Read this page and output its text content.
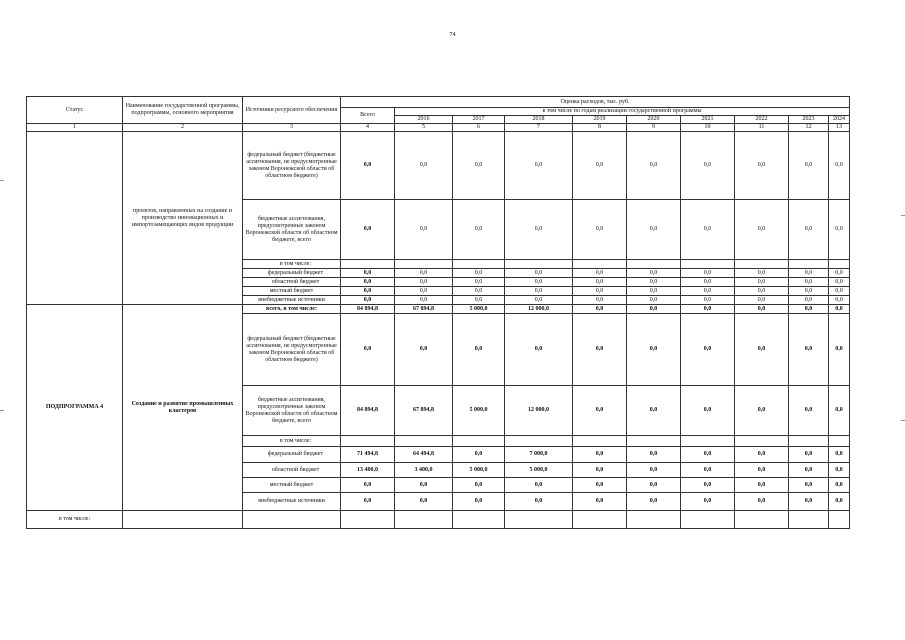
74
Статус	Наименование государственной программы, подпрограммы, основного мероприятия	Источники ресурсного обеспечения	Оценка расходов, тыс. руб.									
			Всего	в том числе по годам реализации государственной программы								
				2016	2017	2018	2019	2020	2021	2022	2023	2024
1	2	3	4	5	6	7	8	9	10	11	12	13
	проектов, направленных на создание и производство инновационных и импортозамещающих видов продукции	федеральный бюджет (бюджетные ассигнования, не предусмотренные законом Воронежской области об областном бюджете)	0,0	0,0	0,0	0,0	0,0	0,0	0,0	0,0	0,0	0,0
		бюджетные ассигнования, предусмотренные законом Воронежской области об областном бюджете, всего	0,0	0,0	0,0	0,0	0,0	0,0	0,0	0,0	0,0	0,0
		в том числе:										
		федеральный бюджет	0,0	0,0	0,0	0,0	0,0	0,0	0,0	0,0	0,0	0,0
		областной бюджет	0,0	0,0	0,0	0,0	0,0	0,0	0,0	0,0	0,0	0,0
		местный бюджет	0,0	0,0	0,0	0,0	0,0	0,0	0,0	0,0	0,0	0,0
		внебюджетные источники	0,0	0,0	0,0	0,0	0,0	0,0	0,0	0,0	0,0	0,0
ПОДПРОГРАММА 4	Создание и развитие промышленных кластеров	всего, в том числе:	84 894,8	67 894,8	5 000,0	12 000,0	0,0	0,0	0,0	0,0	0,0	0,0
		федеральный бюджет (бюджетные ассигнования, не предусмотренные законом Воронежской области об областном бюджете)	0,0	0,0	0,0	0,0	0,0	0,0	0,0	0,0	0,0	0,0
		бюджетные ассигнования, предусмотренные законом Воронежской области об областном бюджете, всего	84 894,8	67 894,8	5 000,0	12 000,0	0,0	0,0	0,0	0,0	0,0	0,0
		в том числе:										
		федеральный бюджет	71 494,8	64 494,8	0,0	7 000,0	0,0	0,0	0,0	0,0	0,0	0,0
		областной бюджет	13 400,0	3 400,0	5 000,0	5 000,0	0,0	0,0	0,0	0,0	0,0	0,0
		местный бюджет	0,0	0,0	0,0	0,0	0,0	0,0	0,0	0,0	0,0	0,0
		внебюджетные источники	0,0	0,0	0,0	0,0	0,0	0,0	0,0	0,0	0,0	0,0
в том числе:												
